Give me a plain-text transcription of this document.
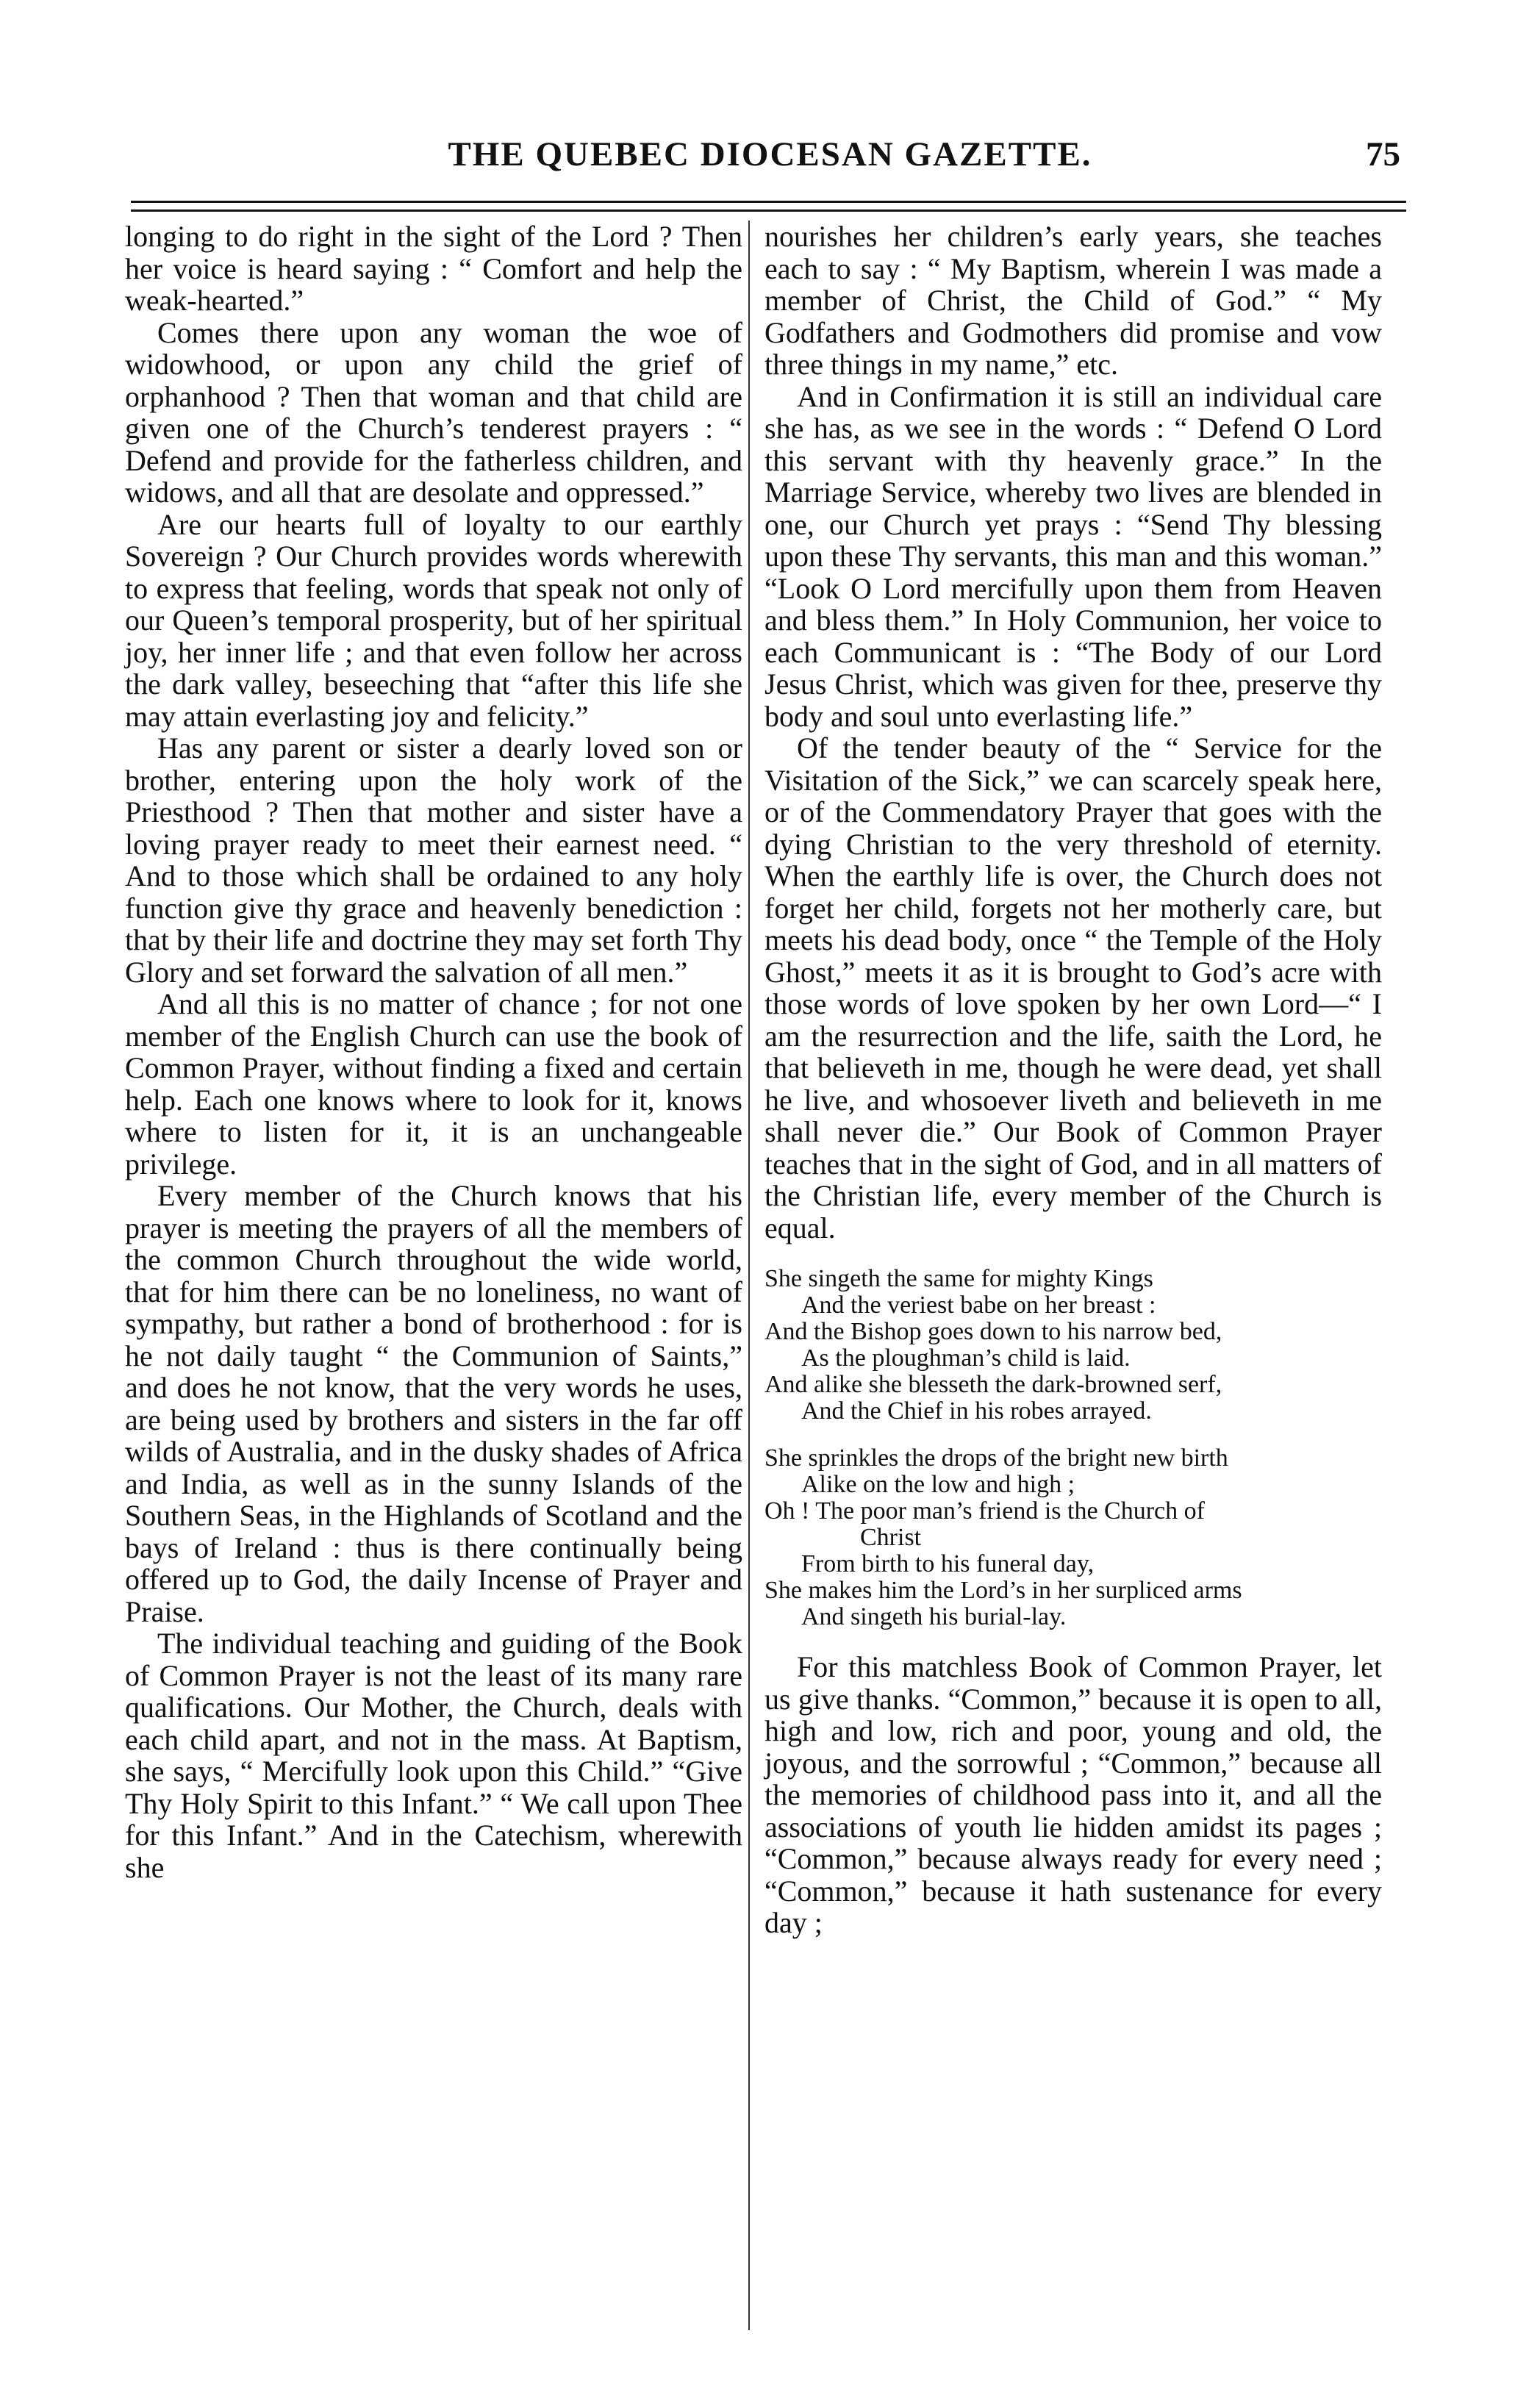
THE QUEBEC DIOCESAN GAZETTE.	75

longing to do right in the sight of the Lord ? Then her voice is heard saying : “ Comfort and help the weak-hearted.”

Comes there upon any woman the woe of widowhood, or upon any child the grief of orphanhood ? Then that woman and that child are given one of the Church’s tenderest prayers : “ Defend and provide for the fatherless children, and widows, and all that are desolate and oppressed.”

Are our hearts full of loyalty to our earthly Sovereign ? Our Church provides words wherewith to express that feeling, words that speak not only of our Queen’s temporal prosperity, but of her spiritual joy, her inner life ; and that even follow her across the dark valley, beseeching that “after this life she may attain everlasting joy and felicity.”

Has any parent or sister a dearly loved son or brother, entering upon the holy work of the Priesthood ? Then that mother and sister have a loving prayer ready to meet their earnest need. “ And to those which shall be ordained to any holy function give thy grace and heavenly benediction : that by their life and doctrine they may set forth Thy Glory and set forward the salvation of all men.”

And all this is no matter of chance ; for not one member of the English Church can use the book of Common Prayer, without finding a fixed and certain help. Each one knows where to look for it, knows where to listen for it, it is an unchangeable privilege.

Every member of the Church knows that his prayer is meeting the prayers of all the members of the common Church throughout the wide world, that for him there can be no loneliness, no want of sympathy, but rather a bond of brotherhood : for is he not daily taught “ the Communion of Saints,” and does he not know, that the very words he uses, are being used by brothers and sisters in the far off wilds of Australia, and in the dusky shades of Africa and India, as well as in the sunny Islands of the Southern Seas, in the Highlands of Scotland and the bays of Ireland : thus is there continually being offered up to God, the daily Incense of Prayer and Praise.

The individual teaching and guiding of the Book of Common Prayer is not the least of its many rare qualifications. Our Mother, the Church, deals with each child apart, and not in the mass. At Baptism, she says, “ Mercifully look upon this Child.” “Give Thy Holy Spirit to this Infant.” “ We call upon Thee for this Infant.” And in the Catechism, wherewith she

nourishes her children’s early years, she teaches each to say : “ My Baptism, wherein I was made a member of Christ, the Child of God.” “ My Godfathers and Godmothers did promise and vow three things in my name,” etc.

And in Confirmation it is still an individual care she has, as we see in the words : “ Defend O Lord this servant with thy heavenly grace.” In the Marriage Service, whereby two lives are blended in one, our Church yet prays : “Send Thy blessing upon these Thy servants, this man and this woman.” “Look O Lord mercifully upon them from Heaven and bless them.” In Holy Communion, her voice to each Communicant is : “The Body of our Lord Jesus Christ, which was given for thee, preserve thy body and soul unto everlasting life.”

Of the tender beauty of the “ Service for the Visitation of the Sick,” we can scarcely speak here, or of the Commendatory Prayer that goes with the dying Christian to the very threshold of eternity. When the earthly life is over, the Church does not forget her child, forgets not her motherly care, but meets his dead body, once “ the Temple of the Holy Ghost,” meets it as it is brought to God’s acre with those words of love spoken by her own Lord—“ I am the resurrection and the life, saith the Lord, he that believeth in me, though he were dead, yet shall he live, and whosoever liveth and believeth in me shall never die.” Our Book of Common Prayer teaches that in the sight of God, and in all matters of the Christian life, every member of the Church is equal.

She singeth the same for mighty Kings
And the veriest babe on her breast :
And the Bishop goes down to his narrow bed,
As the ploughman’s child is laid.
And alike she blesseth the dark-browned serf,
And the Chief in his robes arrayed.
She sprinkles the drops of the bright new birth
Alike on the low and high ;
Oh ! The poor man’s friend is the Church of
Christ
From birth to his funeral day,
She makes him the Lord’s in her surpliced arms
And singeth his burial-lay.

For this matchless Book of Common Prayer, let us give thanks. “Common,” because it is open to all, high and low, rich and poor, young and old, the joyous, and the sorrowful ; “Common,” because all the memories of childhood pass into it, and all the associations of youth lie hidden amidst its pages ; “Common,” because always ready for every need ; “Common,” because it hath sustenance for every day ;
